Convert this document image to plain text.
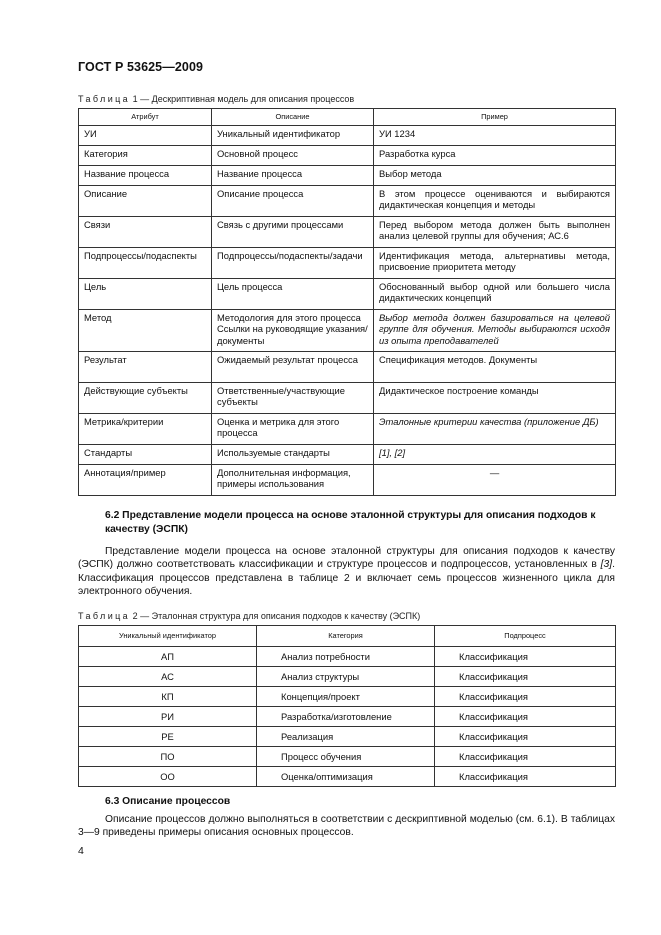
ГОСТ Р 53625—2009
Таблица 1 — Дескриптивная модель для описания процессов
Атрибут	Описание	Пример
УИ	Уникальный идентификатор	УИ 1234
Категория	Основной процесс	Разработка курса
Название процесса	Название процесса	Выбор метода
Описание	Описание процесса	В этом процессе оцениваются и выбираются дидактическая концепция и методы
Связи	Связь с другими процессами	Перед выбором метода должен быть выполнен анализ целевой группы для обучения; АС.6
Подпроцессы/подаспекты	Подпроцессы/подаспекты/задачи	Идентификация метода, альтернативы метода, присвоение приоритета методу
Цель	Цель процесса	Обоснованный выбор одной или большего числа дидактических концепций
Метод	Методология для этого процесса Ссылки на руководящие указания/документы	Выбор метода должен базироваться на целевой группе для обучения. Методы выбираются исходя из опыта преподавателей
Результат	Ожидаемый результат процесса	Спецификация методов. Документы
Действующие субъекты	Ответственные/участвующие субъекты	Дидактическое построение команды
Метрика/критерии	Оценка и метрика для этого процесса	Эталонные критерии качества (приложение ДБ)
Стандарты	Используемые стандарты	[1], [2]
Аннотация/пример	Дополнительная информация, примеры использования	—
6.2 Представление модели процесса на основе эталонной структуры для описания подходов к качеству (ЭСПК)
Представление модели процесса на основе эталонной структуры для описания подходов к качеству (ЭСПК) должно соответствовать классификации и структуре процессов и подпроцессов, установленных в [3]. Классификация процессов представлена в таблице 2 и включает семь процессов жизненного цикла для электронного обучения.
Таблица 2 — Эталонная структура для описания подходов к качеству (ЭСПК)
Уникальный идентификатор	Категория	Подпроцесс
АП	Анализ потребности	Классификация
АС	Анализ структуры	Классификация
КП	Концепция/проект	Классификация
РИ	Разработка/изготовление	Классификация
РЕ	Реализация	Классификация
ПО	Процесс обучения	Классификация
ОО	Оценка/оптимизация	Классификация
6.3 Описание процессов
Описание процессов должно выполняться в соответствии с дескриптивной моделью (см. 6.1). В таблицах 3—9 приведены примеры описания основных процессов.
4
